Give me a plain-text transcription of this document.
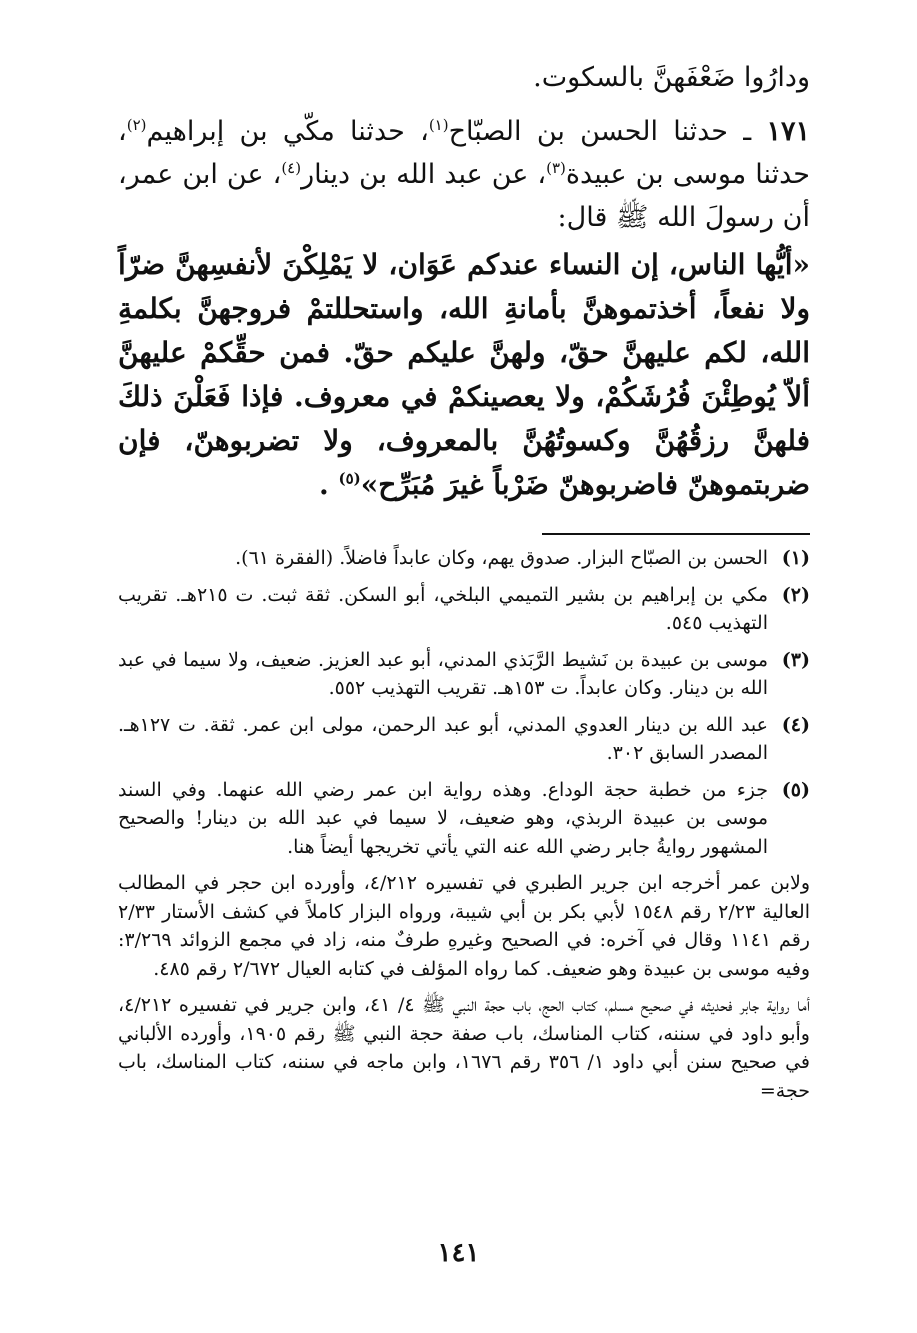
ودارُوا ضَعْفَهنَّ بالسكوت.
١٧١ ـ حدثنا الحسن بن الصبّاح$^{(١)}$، حدثنا مكّي بن إبراهيم$^{(٢)}$، حدثنا موسى بن عبيدة$^{(٣)}$، عن عبد الله بن دينار$^{(٤)}$، عن ابن عمر، أن رسولَ الله ﷺ قال:
«أيُّها الناس، إن النساء عندكم عَوَان، لا يَمْلِكْنَ لأنفسِهنَّ ضرّاً ولا نفعاً، أخذتموهنَّ بأمانةِ الله، واستحللتمْ فروجهنَّ بكلمةِ الله، لكم عليهنَّ حقّ، ولهنَّ عليكم حقّ. فمن حقِّكمْ عليهنَّ ألاّ يُوطِئْنَ فُرُشَكُمْ، ولا يعصينكمْ في معروف. فإذا فَعَلْنَ ذلكَ فلهنَّ رزقُهُنَّ وكسوتُهُنَّ بالمعروف، ولا تضربوهنّ، فإن ضربتموهنّ فاضربوهنّ ضَرْباً غيرَ مُبَرِّح»$^{(٥)}$ .
(١)
الحسن بن الصبّاح البزار. صدوق يهم، وكان عابداً فاضلاً. (الفقرة ٦١).
(٢)
مكي بن إبراهيم بن بشير التميمي البلخي، أبو السكن. ثقة ثبت. ت ٢١٥هـ. تقريب التهذيب ٥٤٥.
(٣)
موسى بن عبيدة بن نَشيط الرَّبَذي المدني، أبو عبد العزيز. ضعيف، ولا سيما في عبد الله بن دينار. وكان عابداً. ت ١٥٣هـ. تقريب التهذيب ٥٥٢.
(٤)
عبد الله بن دينار العدوي المدني، أبو عبد الرحمن، مولى ابن عمر. ثقة. ت ١٢٧هـ. المصدر السابق ٣٠٢.
(٥)
جزء من خطبة حجة الوداع. وهذه رواية ابن عمر رضي الله عنهما. وفي السند موسى بن عبيدة الربذي، وهو ضعيف، لا سيما في عبد الله بن دينار! والصحيح المشهور روايةُ جابر رضي الله عنه التي يأتي تخريجها أيضاً هنا.
ولابن عمر أخرجه ابن جرير الطبري في تفسيره ٤/٢١٢، وأورده ابن حجر في المطالب العالية ٢/٢٣ رقم ١٥٤٨ لأبي بكر بن أبي شيبة، ورواه البزار كاملاً في كشف الأستار ٢/٣٣ رقم ١١٤١ وقال في آخره: في الصحيح وغيرهِ طرفٌ منه، زاد في مجمع الزوائد ٣/٢٦٩: وفيه موسى بن عبيدة وهو ضعيف. كما رواه المؤلف في كتابه العيال ٢/٦٧٢ رقم ٤٨٥.
أما رواية جابر فحديثه في صحيح مسلم، كتاب الحج، باب حجة النبي ﷺ ٤/ ٤١، وابن جرير في تفسيره ٤/٢١٢، وأبو داود في سننه، كتاب المناسك، باب صفة حجة النبي ﷺ رقم ١٩٠٥، وأورده الألباني في صحيح سنن أبي داود ١/ ٣٥٦ رقم ١٦٧٦، وابن ماجه في سننه، كتاب المناسك، باب حجة=
١٤١
